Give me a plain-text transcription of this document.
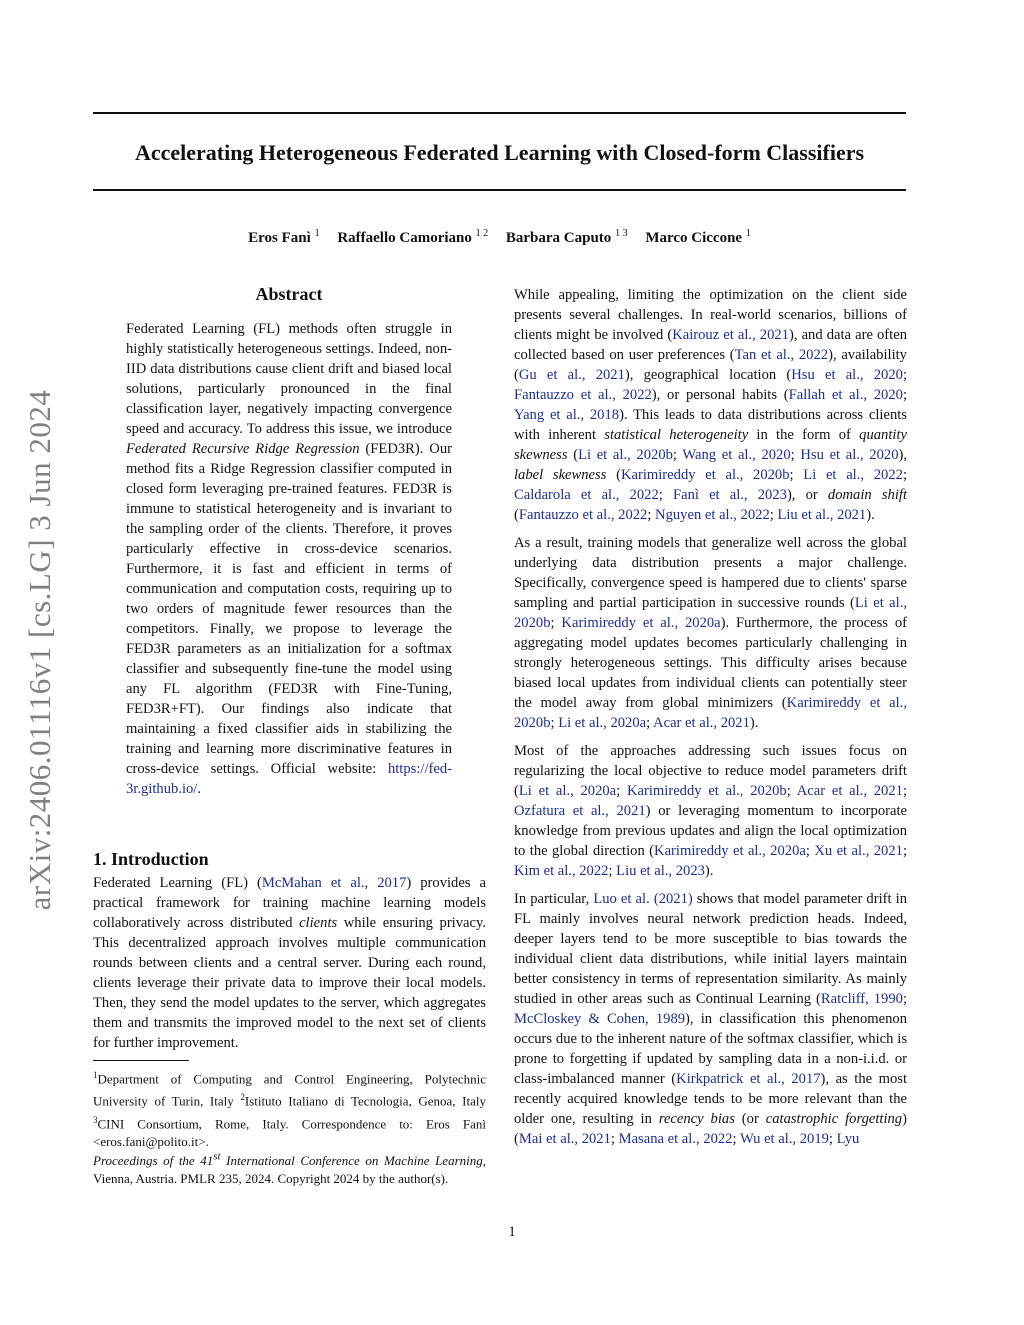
Accelerating Heterogeneous Federated Learning with Closed-form Classifiers
Eros Fanì $^1$ Raffaello Camoriano $^{1 2}$ Barbara Caputo $^{1 3}$ Marco Ciccone $^1$
arXiv:2406.01116v1 [cs.LG] 3 Jun 2024
Abstract

Federated Learning (FL) methods often struggle in highly statistically heterogeneous settings. Indeed, non-IID data distributions cause client drift and biased local solutions, particularly pronounced in the final classification layer, negatively impacting convergence speed and accuracy. To address this issue, we introduce Federated Recursive Ridge Regression (FED3R). Our method fits a Ridge Regression classifier computed in closed form leveraging pre-trained features. FED3R is immune to statistical heterogeneity and is invariant to the sampling order of the clients. Therefore, it proves particularly effective in cross-device scenarios. Furthermore, it is fast and efficient in terms of communication and computation costs, requiring up to two orders of magnitude fewer resources than the competitors. Finally, we propose to leverage the FED3R parameters as an initialization for a softmax classifier and subsequently fine-tune the model using any FL algorithm (FED3R with Fine-Tuning, FED3R+FT). Our findings also indicate that maintaining a fixed classifier aids in stabilizing the training and learning more discriminative features in cross-device settings. Official website: https://fed-3r.github.io/.

1. Introduction

Federated Learning (FL) (McMahan et al., 2017) provides a practical framework for training machine learning models collaboratively across distributed clients while ensuring privacy. This decentralized approach involves multiple communication rounds between clients and a central server. During each round, clients leverage their private data to improve their local models. Then, they send the model updates to the server, which aggregates them and transmits the improved model to the next set of clients for further improvement.

$^1$Department of Computing and Control Engineering, Polytechnic University of Turin, Italy $^2$Istituto Italiano di Tecnologia, Genoa, Italy $^3$CINI Consortium, Rome, Italy. Correspondence to: Eros Fanì <eros.fani@polito.it>.

Proceedings of the 41st International Conference on Machine Learning, Vienna, Austria. PMLR 235, 2024. Copyright 2024 by the author(s).

While appealing, limiting the optimization on the client side presents several challenges. In real-world scenarios, billions of clients might be involved (Kairouz et al., 2021), and data are often collected based on user preferences (Tan et al., 2022), availability (Gu et al., 2021), geographical location (Hsu et al., 2020; Fantauzzo et al., 2022), or personal habits (Fallah et al., 2020; Yang et al., 2018). This leads to data distributions across clients with inherent statistical heterogeneity in the form of quantity skewness (Li et al., 2020b; Wang et al., 2020; Hsu et al., 2020), label skewness (Karimireddy et al., 2020b; Li et al., 2022; Caldarola et al., 2022; Fanì et al., 2023), or domain shift (Fantauzzo et al., 2022; Nguyen et al., 2022; Liu et al., 2021).

As a result, training models that generalize well across the global underlying data distribution presents a major challenge. Specifically, convergence speed is hampered due to clients' sparse sampling and partial participation in successive rounds (Li et al., 2020b; Karimireddy et al., 2020a). Furthermore, the process of aggregating model updates becomes particularly challenging in strongly heterogeneous settings. This difficulty arises because biased local updates from individual clients can potentially steer the model away from global minimizers (Karimireddy et al., 2020b; Li et al., 2020a; Acar et al., 2021).

Most of the approaches addressing such issues focus on regularizing the local objective to reduce model parameters drift (Li et al., 2020a; Karimireddy et al., 2020b; Acar et al., 2021; Ozfatura et al., 2021) or leveraging momentum to incorporate knowledge from previous updates and align the local optimization to the global direction (Karimireddy et al., 2020a; Xu et al., 2021; Kim et al., 2022; Liu et al., 2023).

In particular, Luo et al. (2021) shows that model parameter drift in FL mainly involves neural network prediction heads. Indeed, deeper layers tend to be more susceptible to bias towards the individual client data distributions, while initial layers maintain better consistency in terms of representation similarity. As mainly studied in other areas such as Continual Learning (Ratcliff, 1990; McCloskey & Cohen, 1989), in classification this phenomenon occurs due to the inherent nature of the softmax classifier, which is prone to forgetting if updated by sampling data in a non-i.i.d. or class-imbalanced manner (Kirkpatrick et al., 2017), as the most recently acquired knowledge tends to be more relevant than the older one, resulting in recency bias (or catastrophic forgetting) (Mai et al., 2021; Masana et al., 2022; Wu et al., 2019; Lyu

1
